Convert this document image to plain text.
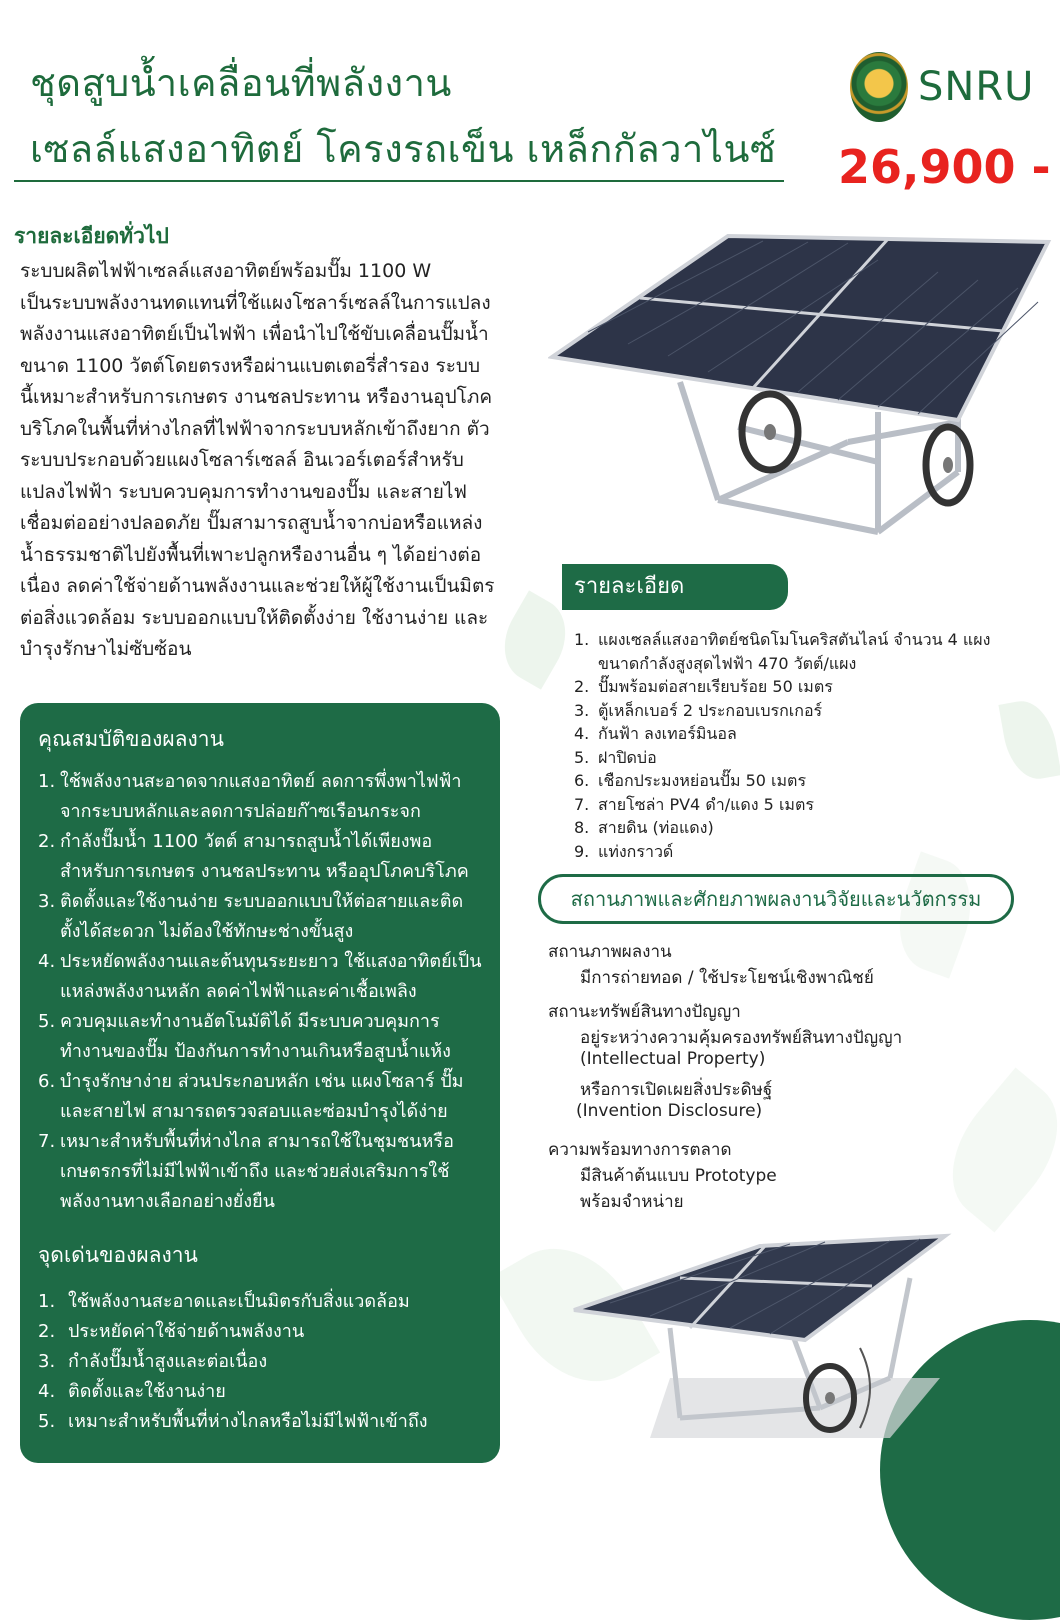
ชุดสูบน้ำเคลื่อนที่พลังงาน
เซลล์แสงอาทิตย์ โครงรถเข็น เหล็กกัลวาไนซ์
SNRU
26,900 -
รายละเอียดทั่วไป
ระบบผลิตไฟฟ้าเซลล์แสงอาทิตย์พร้อมปั๊ม 1100 W
เป็นระบบพลังงานทดแทนที่ใช้แผงโซลาร์เซลล์ในการแปลง
พลังงานแสงอาทิตย์เป็นไฟฟ้า เพื่อนำไปใช้ขับเคลื่อนปั๊มน้ำ
ขนาด 1100 วัตต์โดยตรงหรือผ่านแบตเตอรี่สำรอง ระบบ
นี้เหมาะสำหรับการเกษตร งานชลประทาน หรืองานอุปโภค
บริโภคในพื้นที่ห่างไกลที่ไฟฟ้าจากระบบหลักเข้าถึงยาก ตัว
ระบบประกอบด้วยแผงโซลาร์เซลล์ อินเวอร์เตอร์สำหรับ
แปลงไฟฟ้า ระบบควบคุมการทำงานของปั๊ม และสายไฟ
เชื่อมต่ออย่างปลอดภัย ปั๊มสามารถสูบน้ำจากบ่อหรือแหล่ง
น้ำธรรมชาติไปยังพื้นที่เพาะปลูกหรืองานอื่น ๆ ได้อย่างต่อ
เนื่อง ลดค่าใช้จ่ายด้านพลังงานและช่วยให้ผู้ใช้งานเป็นมิตร
ต่อสิ่งแวดล้อม ระบบออกแบบให้ติดตั้งง่าย ใช้งานง่าย และ
บำรุงรักษาไม่ซับซ้อน
คุณสมบัติของผลงาน
1. ใช้พลังงานสะอาดจากแสงอาทิตย์ ลดการพึ่งพาไฟฟ้า
จากระบบหลักและลดการปล่อยก๊าซเรือนกระจก
2. กำลังปั๊มน้ำ 1100 วัตต์ สามารถสูบน้ำได้เพียงพอ
สำหรับการเกษตร งานชลประทาน หรืออุปโภคบริโภค
3. ติดตั้งและใช้งานง่าย ระบบออกแบบให้ต่อสายและติด
ตั้งได้สะดวก ไม่ต้องใช้ทักษะช่างขั้นสูง
4. ประหยัดพลังงานและต้นทุนระยะยาว ใช้แสงอาทิตย์เป็น
แหล่งพลังงานหลัก ลดค่าไฟฟ้าและค่าเชื้อเพลิง
5. ควบคุมและทำงานอัตโนมัติได้ มีระบบควบคุมการ
ทำงานของปั๊ม ป้องกันการทำงานเกินหรือสูบน้ำแห้ง
6. บำรุงรักษาง่าย ส่วนประกอบหลัก เช่น แผงโซลาร์ ปั๊ม
และสายไฟ สามารถตรวจสอบและซ่อมบำรุงได้ง่าย
7. เหมาะสำหรับพื้นที่ห่างไกล สามารถใช้ในชุมชนหรือ
เกษตรกรที่ไม่มีไฟฟ้าเข้าถึง และช่วยส่งเสริมการใช้
พลังงานทางเลือกอย่างยั่งยืน
จุดเด่นของผลงาน
1. ใช้พลังงานสะอาดและเป็นมิตรกับสิ่งแวดล้อม
2. ประหยัดค่าใช้จ่ายด้านพลังงาน
3. กำลังปั๊มน้ำสูงและต่อเนื่อง
4. ติดตั้งและใช้งานง่าย
5. เหมาะสำหรับพื้นที่ห่างไกลหรือไม่มีไฟฟ้าเข้าถึง
รายละเอียด
1. แผงเซลล์แสงอาทิตย์ชนิดโมโนคริสตันไลน์ จำนวน 4 แผง
ขนาดกำลังสูงสุดไฟฟ้า 470 วัตต์/แผง
2. ปั๊มพร้อมต่อสายเรียบร้อย 50 เมตร
3. ตู้เหล็กเบอร์ 2 ประกอบเบรกเกอร์
4. กันฟ้า ลงเทอร์มินอล
5. ฝาปิดบ่อ
6. เชือกประมงหย่อนปั๊ม 50 เมตร
7. สายโซล่า PV4 ดำ/แดง 5 เมตร
8. สายดิน (ท่อแดง)
9. แท่งกราวด์
สถานภาพและศักยภาพผลงานวิจัยและนวัตกรรม
สถานภาพผลงาน
มีการถ่ายทอด / ใช้ประโยชน์เชิงพาณิชย์
สถานะทรัพย์สินทางปัญญา
อยู่ระหว่างความคุ้มครองทรัพย์สินทางปัญญา
(Intellectual Property)
หรือการเปิดเผยสิ่งประดิษฐ์
(Invention Disclosure)
ความพร้อมทางการตลาด
มีสินค้าต้นแบบ Prototype
พร้อมจำหน่าย
